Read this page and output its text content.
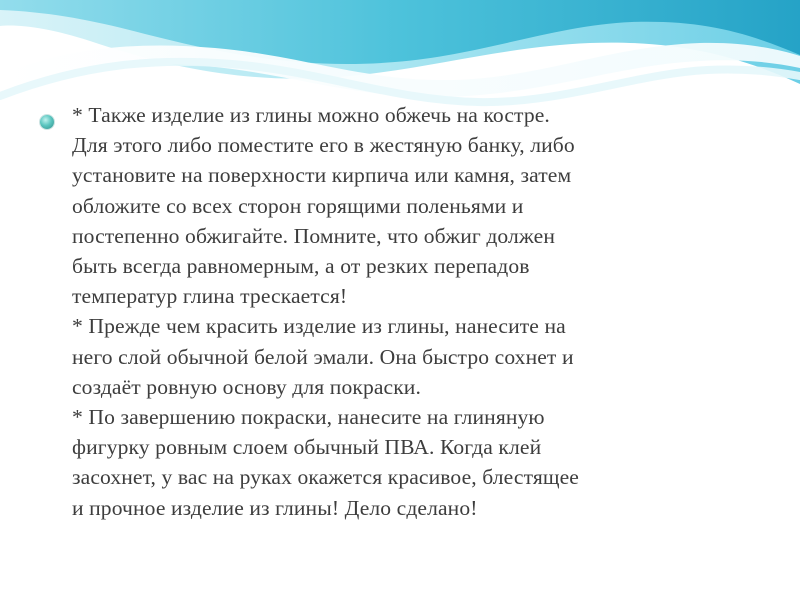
* Также изделие из глины можно обжечь на костре.
Для этого либо поместите его в жестяную банку, либо
установите на поверхности кирпича или камня, затем
обложите со всех сторон горящими поленьями и
постепенно обжигайте. Помните, что обжиг должен
быть всегда равномерным, а от резких перепадов
температур глина трескается!
* Прежде чем красить изделие из глины, нанесите на
него слой обычной белой эмали. Она быстро сохнет и
создаёт ровную основу для покраски.
* По завершению покраски, нанесите на глиняную
фигурку ровным слоем обычный ПВА. Когда клей
засохнет, у вас на руках окажется красивое, блестящее
и прочное изделие из глины! Дело сделано!
